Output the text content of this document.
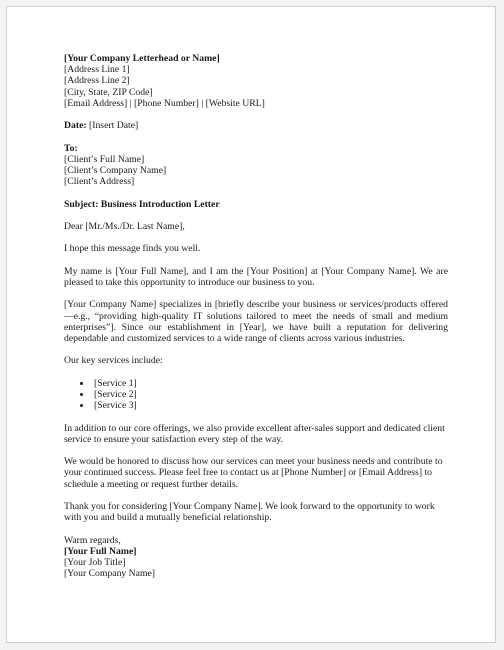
[Your Company Letterhead or Name]
[Address Line 1]
[Address Line 2]
[City, State, ZIP Code]
[Email Address] | [Phone Number] | [Website URL]
Date: [Insert Date]
To:
[Client’s Full Name]
[Client’s Company Name]
[Client’s Address]
Subject: Business Introduction Letter
Dear [Mr./Ms./Dr. Last Name],
I hope this message finds you well.
My name is [Your Full Name], and I am the [Your Position] at [Your Company Name]. We are pleased to take this opportunity to introduce our business to you.
[Your Company Name] specializes in [briefly describe your business or services/products offered—e.g., “providing high-quality IT solutions tailored to meet the needs of small and medium enterprises”]. Since our establishment in [Year], we have built a reputation for delivering dependable and customized services to a wide range of clients across various industries.
Our key services include:
• [Service 1]
• [Service 2]
• [Service 3]
In addition to our core offerings, we also provide excellent after-sales support and dedicated client service to ensure your satisfaction every step of the way.
We would be honored to discuss how our services can meet your business needs and contribute to your continued success. Please feel free to contact us at [Phone Number] or [Email Address] to schedule a meeting or request further details.
Thank you for considering [Your Company Name]. We look forward to the opportunity to work with you and build a mutually beneficial relationship.
Warm regards,
[Your Full Name]
[Your Job Title]
[Your Company Name]
